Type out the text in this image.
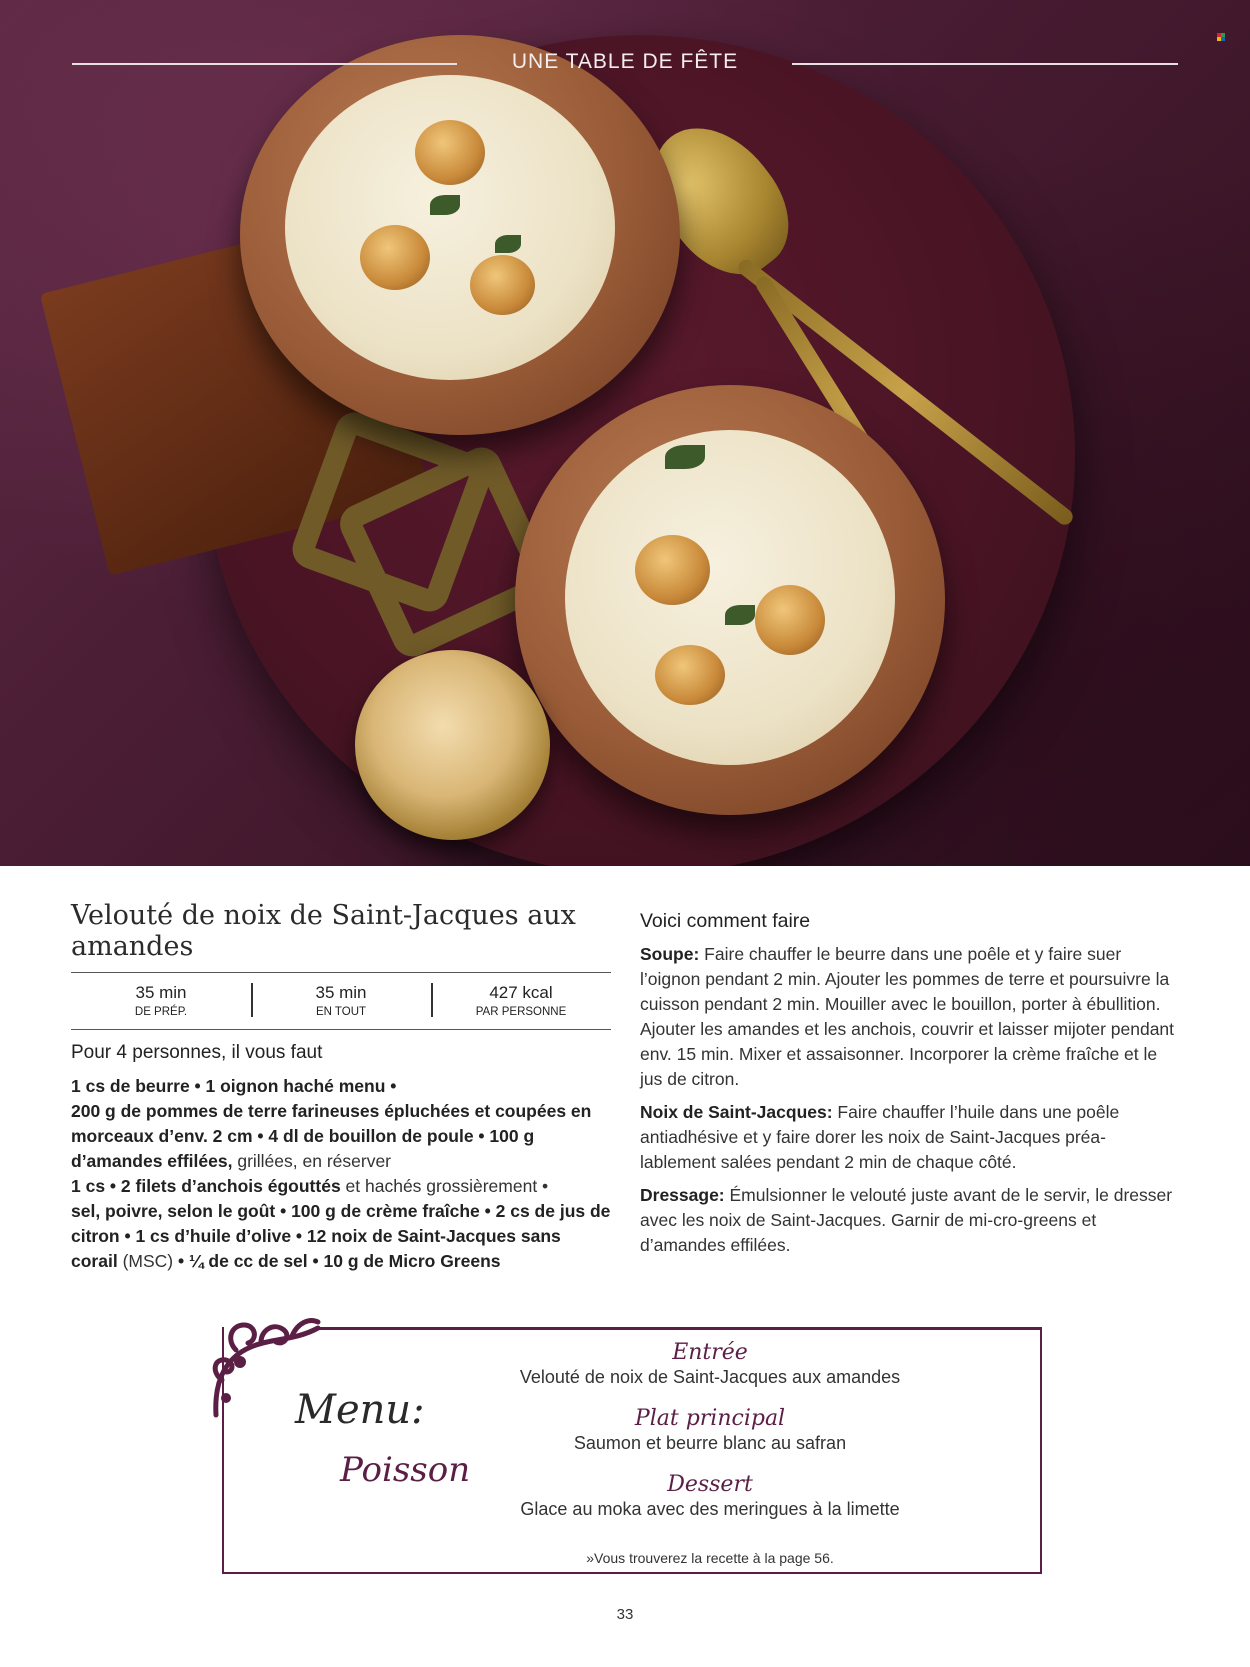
UNE TABLE DE FÊTE
Velouté de noix de Saint-Jacques aux amandes
35 min
DE PRÉP.
35 min
EN TOUT
427 kcal
PAR PERSONNE
Pour 4 personnes, il vous faut
1 cs de beurre • 1 oignon haché menu •
200 g de pommes de terre farineuses épluchées et coupées en morceaux d’env. 2 cm • 4 dl de bouillon de poule • 100 g d’amandes effilées, grillées, en réserver
1 cs • 2 filets d’anchois égouttés et hachés grossièrement •
sel, poivre, selon le goût • 100 g de crème fraîche • 2 cs de jus de citron • 1 cs d’huile d’olive • 12 noix de Saint-Jacques sans corail (MSC) • ¼ de cc de sel • 10 g de Micro Greens
Voici comment faire
Soupe: Faire chauffer le beurre dans une poêle et y faire suer l’oignon pendant 2 min. Ajouter les pommes de terre et poursuivre la cuisson pendant 2 min. Mouiller avec le bouillon, porter à ébullition. Ajouter les amandes et les anchois, couvrir et laisser mijoter pendant env. 15 min. Mixer et assaisonner. Incorporer la crème fraîche et le jus de citron.
Noix de Saint-Jacques: Faire chauffer l’huile dans une poêle antiadhésive et y faire dorer les noix de Saint-Jacques préa-lablement salées pendant 2 min de chaque côté.
Dressage: Émulsionner le velouté juste avant de le servir, le dresser avec les noix de Saint-Jacques. Garnir de mi-cro-greens et d’amandes effilées.
Menu:
Poisson
Entrée
Velouté de noix de Saint-Jacques aux amandes
Plat principal
Saumon et beurre blanc au safran
Dessert
Glace au moka avec des meringues à la limette
»Vous trouverez la recette à la page 56.
33
